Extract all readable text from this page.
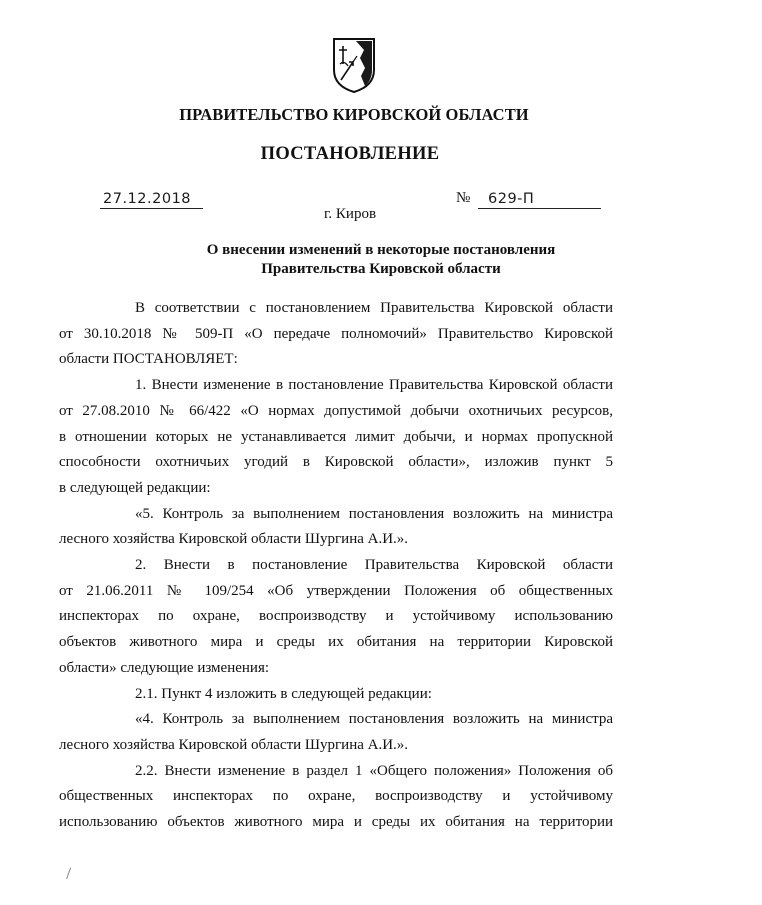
ПРАВИТЕЛЬСТВО КИРОВСКОЙ ОБЛАСТИ
ПОСТАНОВЛЕНИЕ
27.12.2018	№ 629-П
г. Киров
О внесении изменений в некоторые постановления
Правительства Кировской области

В соответствии с постановлением Правительства Кировской области
от 30.10.2018 № 509-П «О передаче полномочий» Правительство Кировской
области ПОСТАНОВЛЯЕТ:

1. Внести изменение в постановление Правительства Кировской области
от 27.08.2010 № 66/422 «О нормах допустимой добычи охотничьих ресурсов,
в отношении которых не устанавливается лимит добычи, и нормах пропускной
способности охотничьих угодий в Кировской области», изложив пункт 5
в следующей редакции:

«5. Контроль за выполнением постановления возложить на министра
лесного хозяйства Кировской области Шургина А.И.».

2. Внести в постановление Правительства Кировской области
от 21.06.2011 № 109/254 «Об утверждении Положения об общественных
инспекторах по охране, воспроизводству и устойчивому использованию
объектов животного мира и среды их обитания на территории Кировской
области» следующие изменения:

2.1. Пункт 4 изложить в следующей редакции:

«4. Контроль за выполнением постановления возложить на министра
лесного хозяйства Кировской области Шургина А.И.».

2.2. Внести изменение в раздел 1 «Общего положения» Положения об
общественных инспекторах по охране, воспроизводству и устойчивому
использованию объектов животного мира и среды их обитания на территории
